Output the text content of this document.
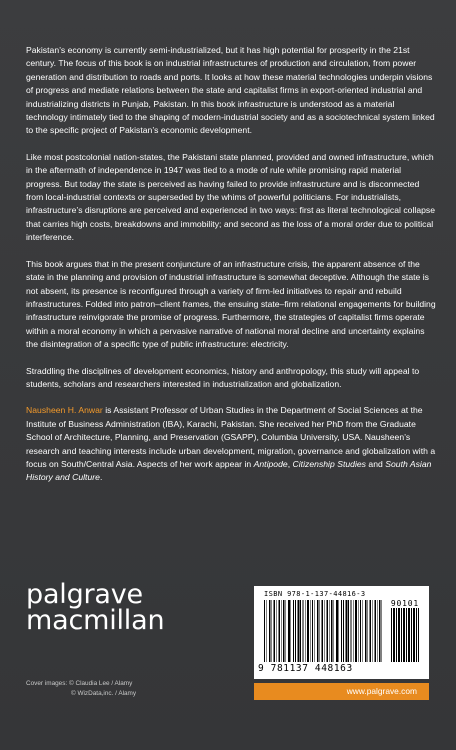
Pakistan’s economy is currently semi-industrialized, but it has high potential for prosperity in the 21st century. The focus of this book is on industrial infrastructures of production and circulation, from power generation and distribution to roads and ports. It looks at how these material technologies underpin visions of progress and mediate relations between the state and capitalist firms in export-oriented industrial and industrializing districts in Punjab, Pakistan. In this book infrastructure is understood as a material technology intimately tied to the shaping of modern-industrial society and as a sociotechnical system linked to the specific project of Pakistan’s economic development.

Like most postcolonial nation-states, the Pakistani state planned, provided and owned infrastructure, which in the aftermath of independence in 1947 was tied to a mode of rule while promising rapid material progress. But today the state is perceived as having failed to provide infrastructure and is disconnected from local-industrial contexts or superseded by the whims of powerful politicians. For industrialists, infrastructure’s disruptions are perceived and experienced in two ways: first as literal technological collapse that carries high costs, breakdowns and immobility; and second as the loss of a moral order due to political interference.

This book argues that in the present conjuncture of an infrastructure crisis, the apparent absence of the state in the planning and provision of industrial infrastructure is somewhat deceptive. Although the state is not absent, its presence is reconfigured through a variety of firm-led initiatives to repair and rebuild infrastructures. Folded into patron–client frames, the ensuing state–firm relational engagements for building infrastructure reinvigorate the promise of progress. Furthermore, the strategies of capitalist firms operate within a moral economy in which a pervasive narrative of national moral decline and uncertainty explains the disintegration of a specific type of public infrastructure: electricity.

Straddling the disciplines of development economics, history and anthropology, this study will appeal to students, scholars and researchers interested in industrialization and globalization.

Nausheen H. Anwar is Assistant Professor of Urban Studies in the Department of Social Sciences at the Institute of Business Administration (IBA), Karachi, Pakistan. She received her PhD from the Graduate School of Architecture, Planning, and Preservation (GSAPP), Columbia University, USA. Nausheen’s research and teaching interests include urban development, migration, governance and globalization with a focus on South/Central Asia. Aspects of her work appear in Antipode, Citizenship Studies and South Asian History and Culture.

palgrave
macmillan
Cover images: © Claudia Lee / Alamy
© WizData,inc. / Alamy
ISBN 978-1-137-44816-3
90101
9 781137 448163
www.palgrave.com
